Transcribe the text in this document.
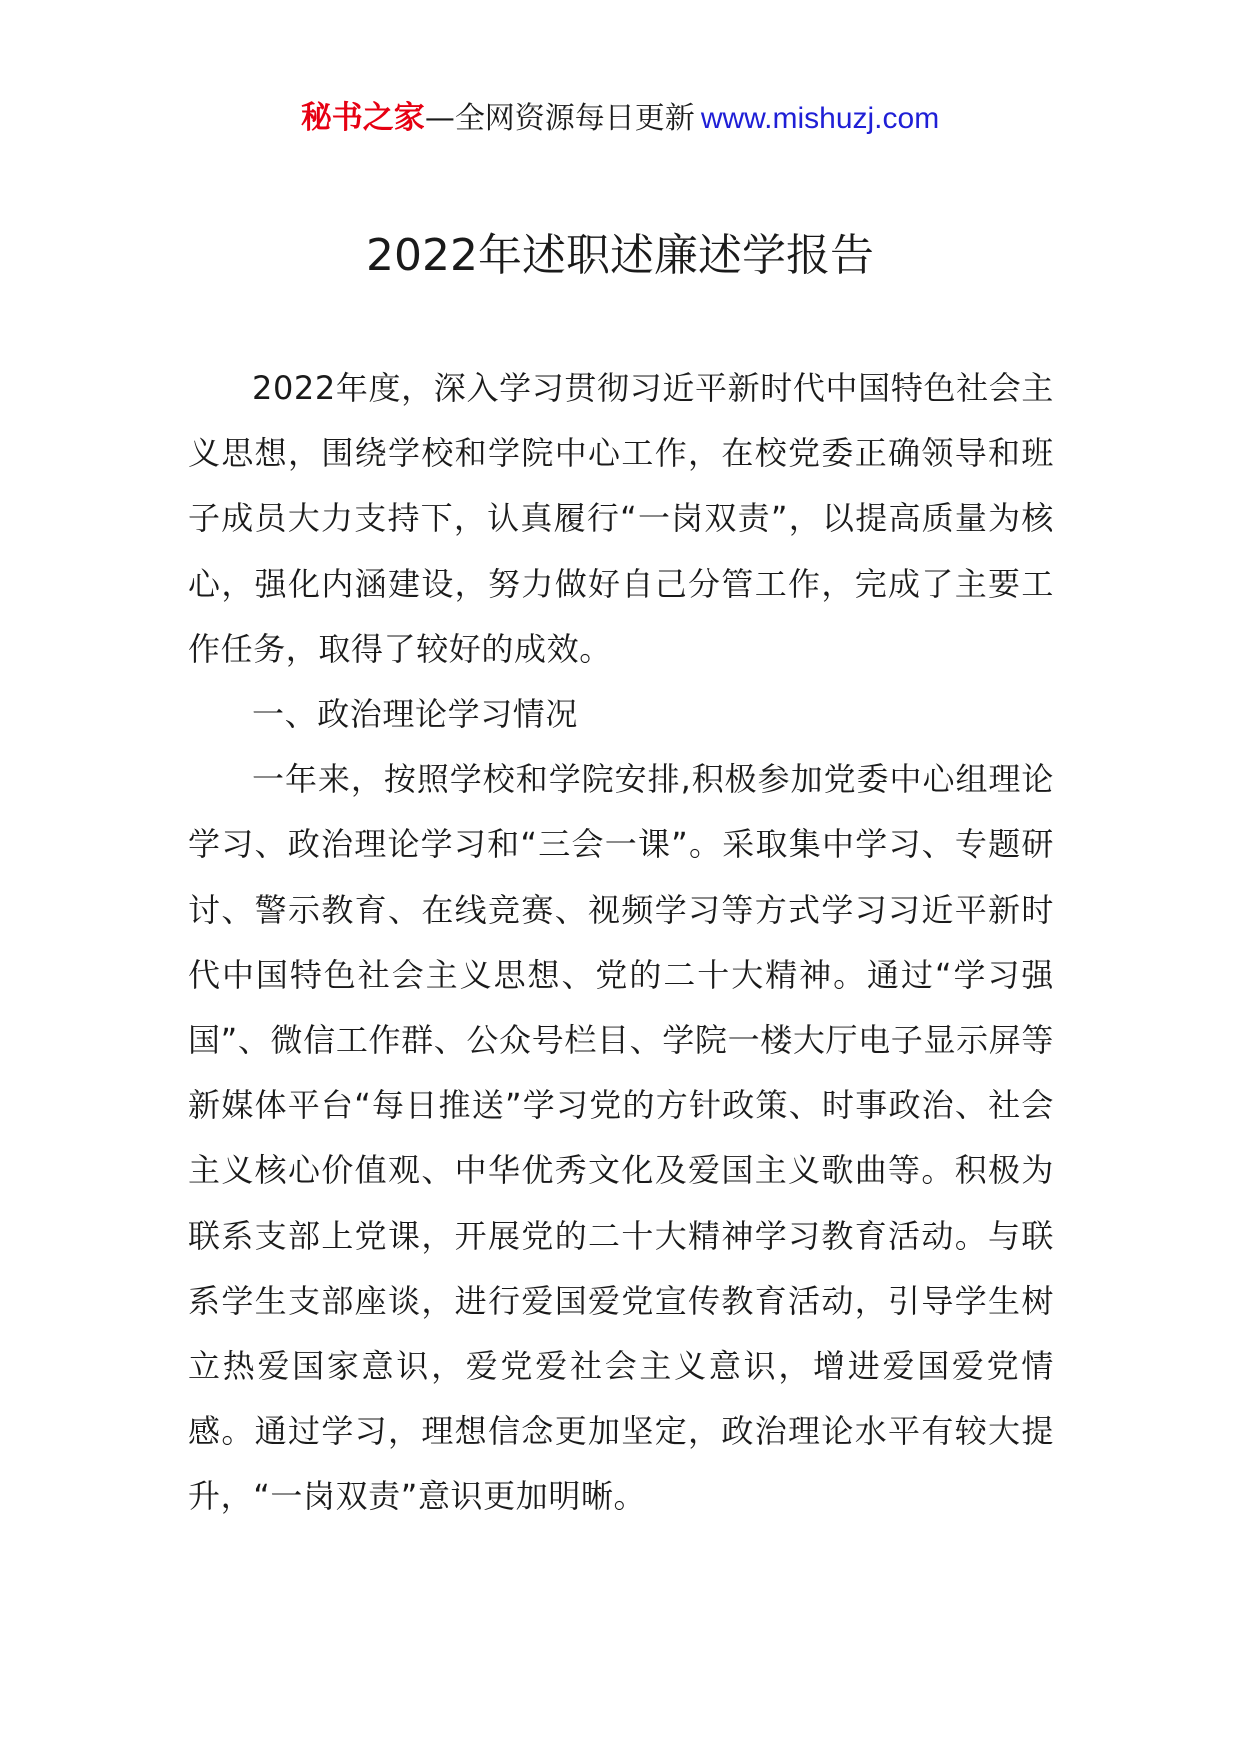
秘书之家—全网资源每日更新 www.mishuzj.com
2022年述职述廉述学报告

2022年度，深入学习贯彻习近平新时代中国特色社会主义思想，围绕学校和学院中心工作，在校党委正确领导和班子成员大力支持下，认真履行“一岗双责”，以提高质量为核心，强化内涵建设，努力做好自己分管工作，完成了主要工作任务，取得了较好的成效。

一、政治理论学习情况

一年来，按照学校和学院安排,积极参加党委中心组理论学习、政治理论学习和“三会一课”。采取集中学习、专题研讨、警示教育、在线竞赛、视频学习等方式学习习近平新时代中国特色社会主义思想、党的二十大精神。通过“学习强国”、微信工作群、公众号栏目、学院一楼大厅电子显示屏等新媒体平台“每日推送”学习党的方针政策、时事政治、社会主义核心价值观、中华优秀文化及爱国主义歌曲等。积极为联系支部上党课，开展党的二十大精神学习教育活动。与联系学生支部座谈，进行爱国爱党宣传教育活动，引导学生树立热爱国家意识，爱党爱社会主义意识，增进爱国爱党情感。通过学习，理想信念更加坚定，政治理论水平有较大提升，“一岗双责”意识更加明晰。
